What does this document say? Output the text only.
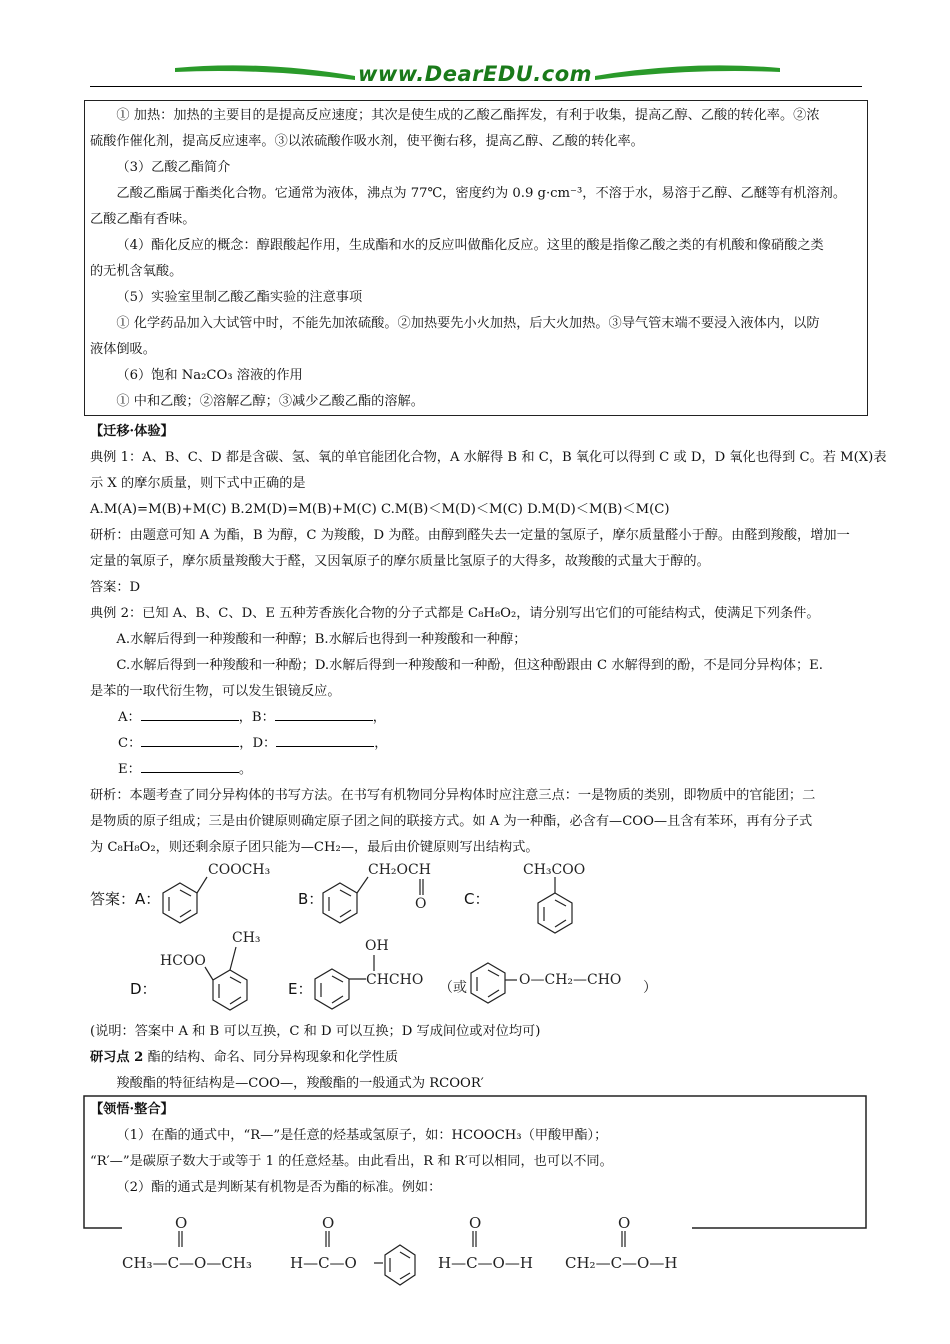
www.DearEDU.com
① 加热：加热的主要目的是提高反应速度；其次是使生成的乙酸乙酯挥发，有利于收集，提高乙醇、乙酸的转化率。②浓
硫酸作催化剂，提高反应速率。③以浓硫酸作吸水剂，使平衡右移，提高乙醇、乙酸的转化率。
（3）乙酸乙酯简介
乙酸乙酯属于酯类化合物。它通常为液体，沸点为 77℃，密度约为 0.9 g·cm⁻³，不溶于水，易溶于乙醇、乙醚等有机溶剂。
乙酸乙酯有香味。
（4）酯化反应的概念：醇跟酸起作用，生成酯和水的反应叫做酯化反应。这里的酸是指像乙酸之类的有机酸和像硝酸之类
的无机含氧酸。
（5）实验室里制乙酸乙酯实验的注意事项
① 化学药品加入大试管中时，不能先加浓硫酸。②加热要先小火加热，后大火加热。③导气管末端不要浸入液体内，以防
液体倒吸。
（6）饱和 Na₂CO₃ 溶液的作用
① 中和乙酸；②溶解乙醇；③减少乙酸乙酯的溶解。
【迁移·体验】
典例 1：A、B、C、D 都是含碳、氢、氧的单官能团化合物，A 水解得 B 和 C，B 氧化可以得到 C 或 D，D 氧化也得到 C。若 M(X)表
示 X 的摩尔质量，则下式中正确的是
A.M(A)=M(B)+M(C) B.2M(D)=M(B)+M(C) C.M(B)＜M(D)＜M(C) D.M(D)＜M(B)＜M(C)
研析：由题意可知 A 为酯，B 为醇，C 为羧酸，D 为醛。由醇到醛失去一定量的氢原子，摩尔质量醛小于醇。由醛到羧酸，增加一
定量的氧原子，摩尔质量羧酸大于醛，又因氧原子的摩尔质量比氢原子的大得多，故羧酸的式量大于醇的。
答案：D
典例 2：已知 A、B、C、D、E 五种芳香族化合物的分子式都是 C₈H₈O₂，请分别写出它们的可能结构式，使满足下列条件。
A.水解后得到一种羧酸和一种醇；B.水解后也得到一种羧酸和一种醇；
C.水解后得到一种羧酸和一种酚；D.水解后得到一种羧酸和一种酚，但这种酚跟由 C 水解得到的酚，不是同分异构体；E.
是苯的一取代衍生物，可以发生银镜反应。
A：	，B：	，
C：	，D：	，
E：	。
研析：本题考查了同分异构体的书写方法。在书写有机物同分异构体时应注意三点：一是物质的类别，即物质中的官能团；二
是物质的原子组成；三是由价键原则确定原子团之间的联接方式。如 A 为一种酯，必含有—COO—且含有苯环，再有分子式
为 C₈H₈O₂，则还剩余原子团只能为—CH₂—，最后由价键原则写出结构式。
答案：A：	B：	C：
D：	E：
COOCH₃	CH₂OCH
O
CH₃COO
CH₃
HCOO
OH
CHCHO （或	O—CH₂—CHO ）
(说明：答案中 A 和 B 可以互换，C 和 D 可以互换；D 写成间位或对位均可)
研习点 2 酯的结构、命名、同分异构现象和化学性质
羧酸酯的特征结构是—COO—，羧酸酯的一般通式为 RCOOR′
【领悟·整合】
（1）在酯的通式中，“R—”是任意的烃基或氢原子，如：HCOOCH₃（甲酸甲酯）；
“R′—”是碳原子数大于或等于 1 的任意烃基。由此看出，R 和 R′可以相同，也可以不同。
（2）酯的通式是判断某有机物是否为酯的标准。例如：
O	O	O	O
CH₃—C—O—CH₃	H—C—O	H—C—O—H CH₂—C—O—H
